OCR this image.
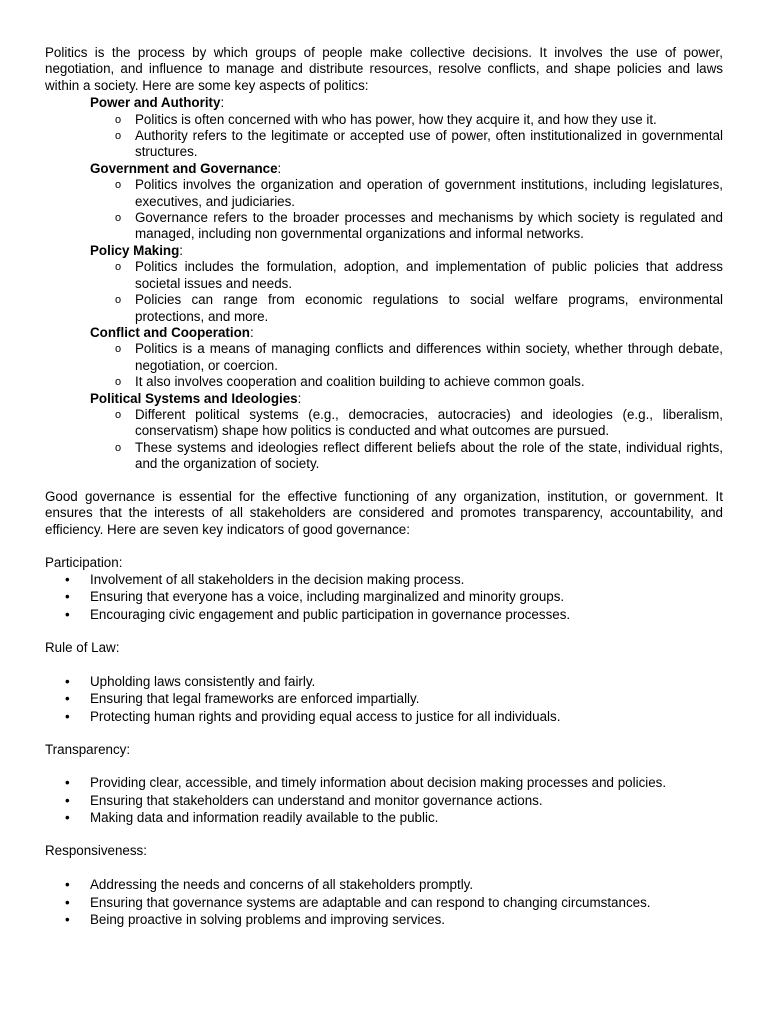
Politics is the process by which groups of people make collective decisions. It involves the use of power, negotiation, and influence to manage and distribute resources, resolve conflicts, and shape policies and laws within a society. Here are some key aspects of politics:

Power and Authority:
o Politics is often concerned with who has power, how they acquire it, and how they use it.
o Authority refers to the legitimate or accepted use of power, often institutionalized in governmental structures.
Government and Governance:
o Politics involves the organization and operation of government institutions, including legislatures, executives, and judiciaries.
o Governance refers to the broader processes and mechanisms by which society is regulated and managed, including non governmental organizations and informal networks.
Policy Making:
o Politics includes the formulation, adoption, and implementation of public policies that address societal issues and needs.
o Policies can range from economic regulations to social welfare programs, environmental protections, and more.
Conflict and Cooperation:
o Politics is a means of managing conflicts and differences within society, whether through debate, negotiation, or coercion.
o It also involves cooperation and coalition building to achieve common goals.
Political Systems and Ideologies:
o Different political systems (e.g., democracies, autocracies) and ideologies (e.g., liberalism, conservatism) shape how politics is conducted and what outcomes are pursued.
o These systems and ideologies reflect different beliefs about the role of the state, individual rights, and the organization of society.

Good governance is essential for the effective functioning of any organization, institution, or government. It ensures that the interests of all stakeholders are considered and promotes transparency, accountability, and efficiency. Here are seven key indicators of good governance:

Participation:
• Involvement of all stakeholders in the decision making process.
• Ensuring that everyone has a voice, including marginalized and minority groups.
• Encouraging civic engagement and public participation in governance processes.
Rule of Law:
• Upholding laws consistently and fairly.
• Ensuring that legal frameworks are enforced impartially.
• Protecting human rights and providing equal access to justice for all individuals.
Transparency:
• Providing clear, accessible, and timely information about decision making processes and policies.
• Ensuring that stakeholders can understand and monitor governance actions.
• Making data and information readily available to the public.
Responsiveness:
• Addressing the needs and concerns of all stakeholders promptly.
• Ensuring that governance systems are adaptable and can respond to changing circumstances.
• Being proactive in solving problems and improving services.
